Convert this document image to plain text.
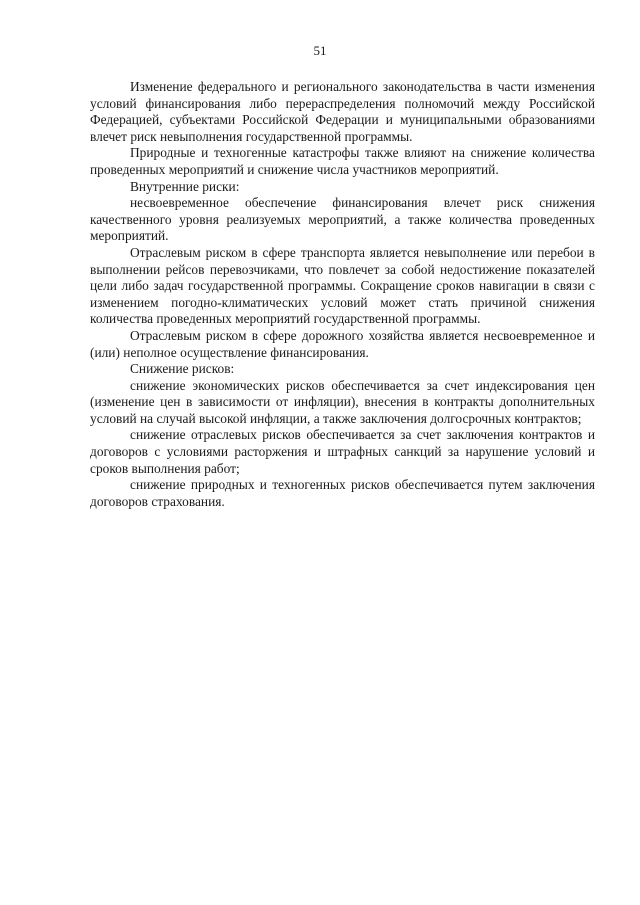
51

Изменение федерального и регионального законодательства в части изменения условий финансирования либо перераспределения полномочий между Российской Федерацией, субъектами Российской Федерации и муниципальными образованиями влечет риск невыполнения государственной программы.

Природные и техногенные катастрофы также влияют на снижение количества проведенных мероприятий и снижение числа участников мероприятий.

Внутренние риски:

несвоевременное обеспечение финансирования влечет риск снижения качественного уровня реализуемых мероприятий, а также количества проведенных мероприятий.

Отраслевым риском в сфере транспорта является невыполнение или перебои в выполнении рейсов перевозчиками, что повлечет за собой недостижение показателей цели либо задач государственной программы. Сокращение сроков навигации в связи с изменением погодно-климатических условий может стать причиной снижения количества проведенных мероприятий государственной программы.

Отраслевым риском в сфере дорожного хозяйства является несвоевременное и (или) неполное осуществление финансирования.

Снижение рисков:

снижение экономических рисков обеспечивается за счет индексирования цен (изменение цен в зависимости от инфляции), внесения в контракты дополнительных условий на случай высокой инфляции, а также заключения долгосрочных контрактов;

снижение отраслевых рисков обеспечивается за счет заключения контрактов и договоров с условиями расторжения и штрафных санкций за нарушение условий и сроков выполнения работ;

снижение природных и техногенных рисков обеспечивается путем заключения договоров страхования.
